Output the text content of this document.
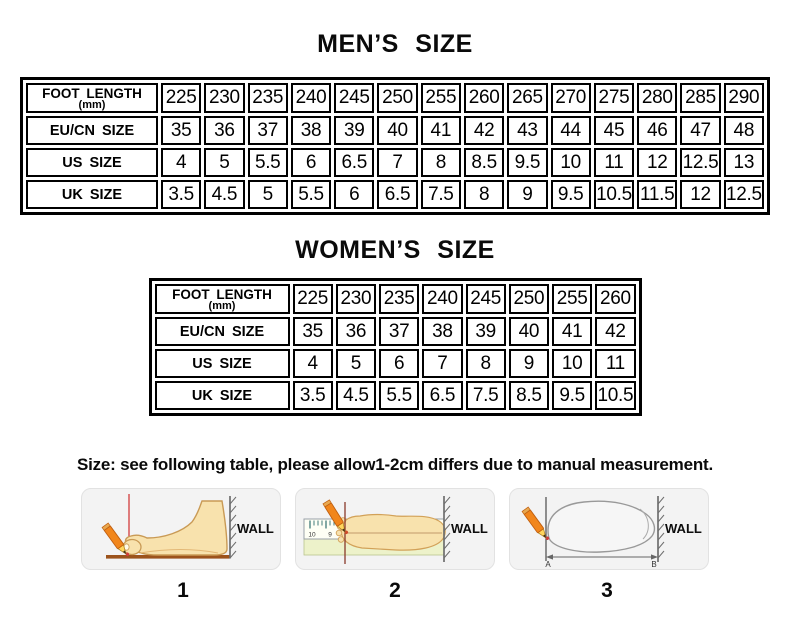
MEN’S SIZE
FOOT LENGTH
(mm)	225	230	235	240	245	250	255	260	265	270	275	280	285	290

EU/CN SIZE	35	36	37	38	39	40	41	42	43	44	45	46	47	48

US SIZE	4	5	5.5	6	6.5	7	8	8.5	9.5	10	11	12	12.5	13

UK SIZE	3.5	4.5	5	5.5	6	6.5	7.5	8	9	9.5	10.5	11.5	12	12.5
WOMEN’S SIZE
FOOT LENGTH
(mm)	225	230	235	240	245	250	255	260

EU/CN SIZE	35	36	37	38	39	40	41	42

US SIZE	4	5	6	7	8	9	10	11

UK SIZE	3.5	4.5	5.5	6.5	7.5	8.5	9.5	10.5

Size: see following table, please allow1-2cm differs due to manual measurement.

WALL	10 9	WALL
A	B
WALL
1	2	3
